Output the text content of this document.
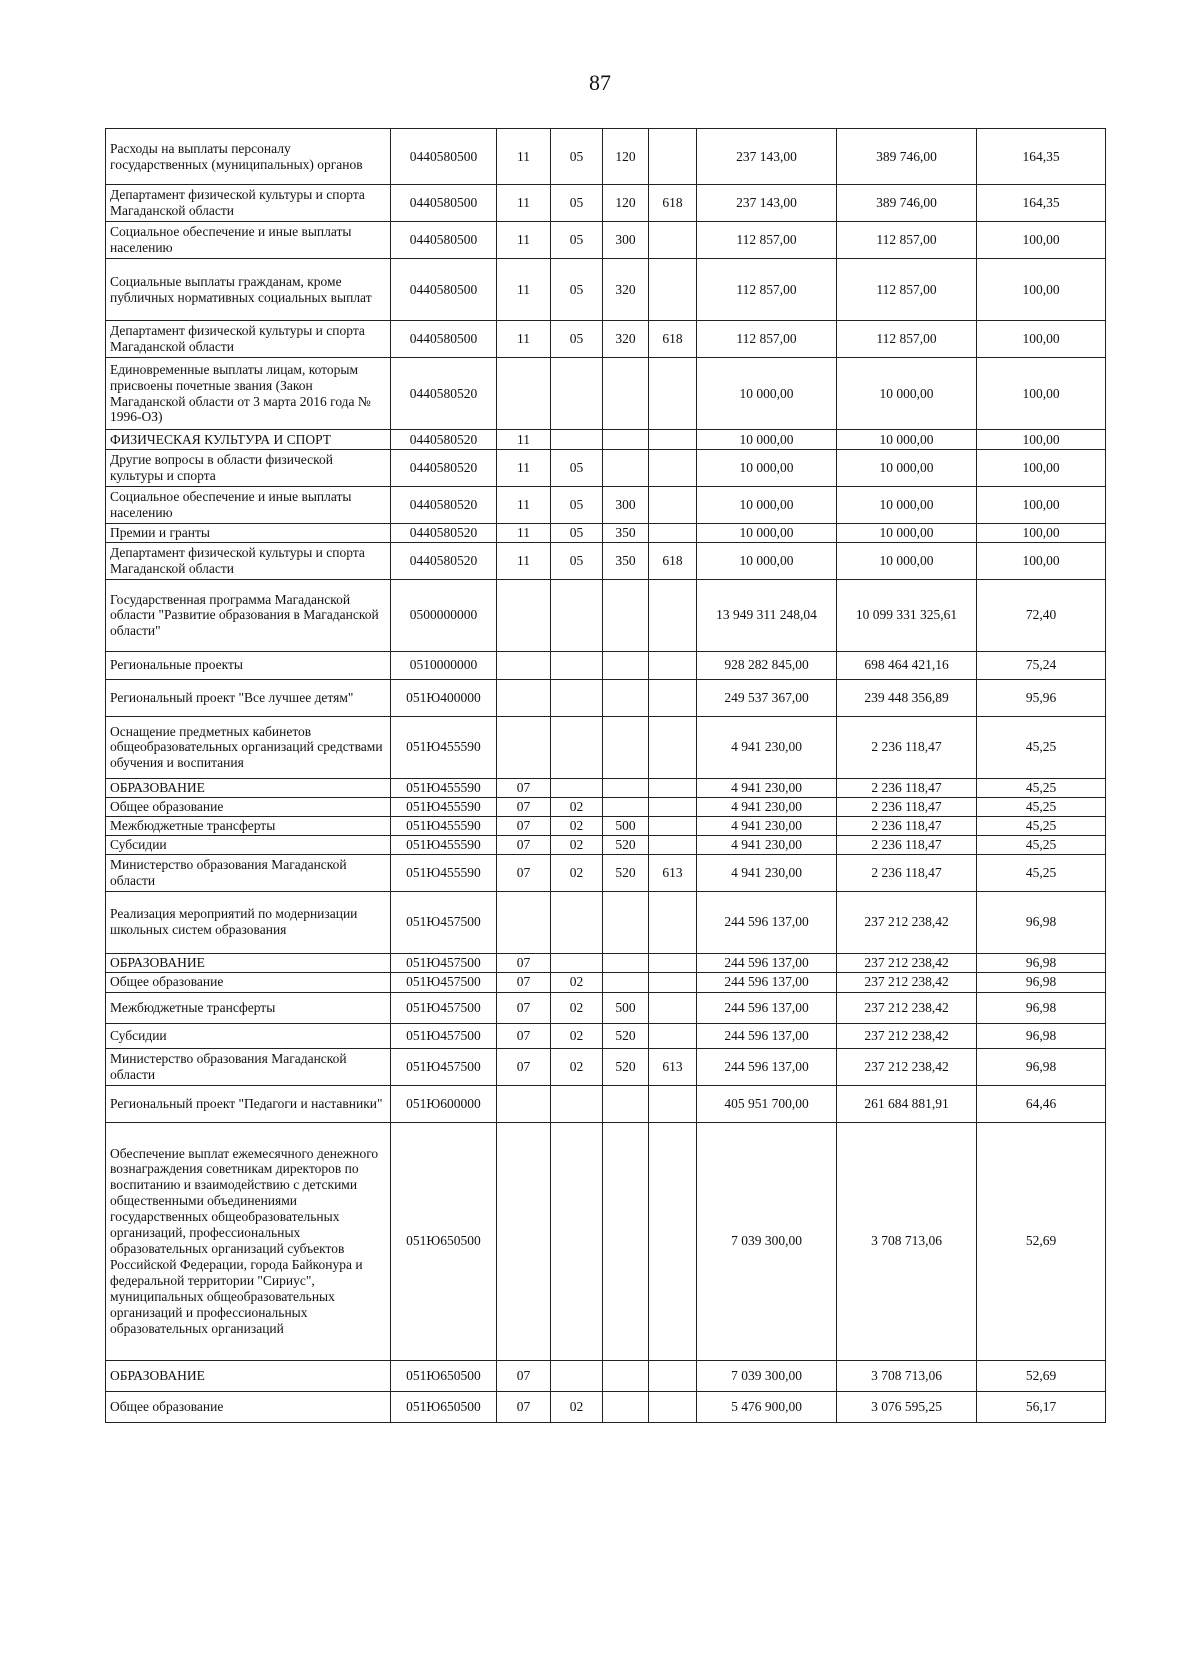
87
Расходы на выплаты персоналу государственных (муниципальных) органов	0440580500	11	05	120		237 143,00	389 746,00	164,35
Департамент физической культуры и спорта Магаданской области	0440580500	11	05	120	618	237 143,00	389 746,00	164,35
Социальное обеспечение и иные выплаты населению	0440580500	11	05	300		112 857,00	112 857,00	100,00
Социальные выплаты гражданам, кроме публичных нормативных социальных выплат	0440580500	11	05	320		112 857,00	112 857,00	100,00
Департамент физической культуры и спорта Магаданской области	0440580500	11	05	320	618	112 857,00	112 857,00	100,00
Единовременные выплаты лицам, которым присвоены почетные звания (Закон Магаданской области от 3 марта 2016 года № 1996-ОЗ)	0440580520					10 000,00	10 000,00	100,00
ФИЗИЧЕСКАЯ КУЛЬТУРА И СПОРТ	0440580520	11				10 000,00	10 000,00	100,00
Другие вопросы в области физической культуры и спорта	0440580520	11	05			10 000,00	10 000,00	100,00
Социальное обеспечение и иные выплаты населению	0440580520	11	05	300		10 000,00	10 000,00	100,00
Премии и гранты	0440580520	11	05	350		10 000,00	10 000,00	100,00
Департамент физической культуры и спорта Магаданской области	0440580520	11	05	350	618	10 000,00	10 000,00	100,00
Государственная программа Магаданской области "Развитие образования в Магаданской области"	0500000000					13 949 311 248,04	10 099 331 325,61	72,40
Региональные проекты	0510000000					928 282 845,00	698 464 421,16	75,24
Региональный проект "Все лучшее детям"	051Ю400000					249 537 367,00	239 448 356,89	95,96
Оснащение предметных кабинетов общеобразовательных организаций средствами обучения и воспитания	051Ю455590					4 941 230,00	2 236 118,47	45,25
ОБРАЗОВАНИЕ	051Ю455590	07				4 941 230,00	2 236 118,47	45,25
Общее образование	051Ю455590	07	02			4 941 230,00	2 236 118,47	45,25
Межбюджетные трансферты	051Ю455590	07	02	500		4 941 230,00	2 236 118,47	45,25
Субсидии	051Ю455590	07	02	520		4 941 230,00	2 236 118,47	45,25
Министерство образования Магаданской области	051Ю455590	07	02	520	613	4 941 230,00	2 236 118,47	45,25
Реализация мероприятий по модернизации школьных систем образования	051Ю457500					244 596 137,00	237 212 238,42	96,98
ОБРАЗОВАНИЕ	051Ю457500	07				244 596 137,00	237 212 238,42	96,98
Общее образование	051Ю457500	07	02			244 596 137,00	237 212 238,42	96,98
Межбюджетные трансферты	051Ю457500	07	02	500		244 596 137,00	237 212 238,42	96,98
Субсидии	051Ю457500	07	02	520		244 596 137,00	237 212 238,42	96,98
Министерство образования Магаданской области	051Ю457500	07	02	520	613	244 596 137,00	237 212 238,42	96,98
Региональный проект "Педагоги и наставники"	051Ю600000					405 951 700,00	261 684 881,91	64,46
Обеспечение выплат ежемесячного денежного вознаграждения советникам директоров по воспитанию и взаимодействию с детскими общественными объединениями государственных общеобразовательных организаций, профессиональных образовательных организаций субъектов Российской Федерации, города Байконура и федеральной территории "Сириус", муниципальных общеобразовательных организаций и профессиональных образовательных организаций	051Ю650500					7 039 300,00	3 708 713,06	52,69
ОБРАЗОВАНИЕ	051Ю650500	07				7 039 300,00	3 708 713,06	52,69
Общее образование	051Ю650500	07	02			5 476 900,00	3 076 595,25	56,17
